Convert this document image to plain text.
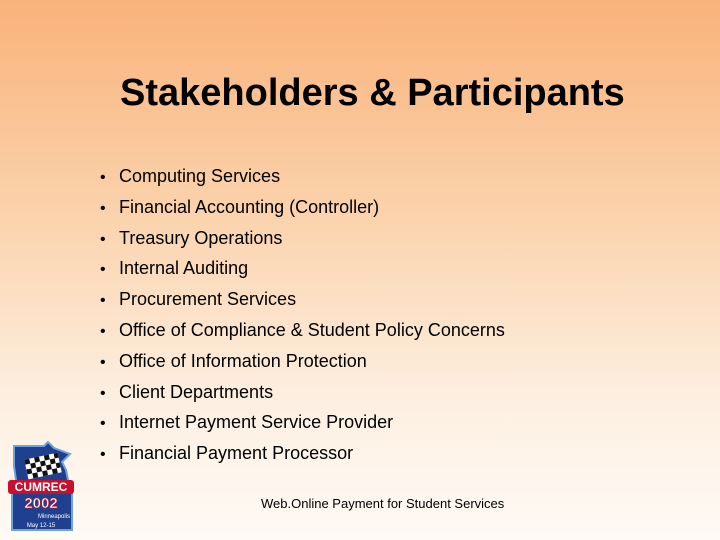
Stakeholders & Participants
• Computing Services
• Financial Accounting (Controller)
• Treasury Operations
• Internal Auditing
• Procurement Services
• Office of Compliance & Student Policy Concerns
• Office of Information Protection
• Client Departments
• Internet Payment Service Provider
• Financial Payment Processor
CUMREC
2002
Minneapolis
May 12-15
Web.Online Payment for Student Services
